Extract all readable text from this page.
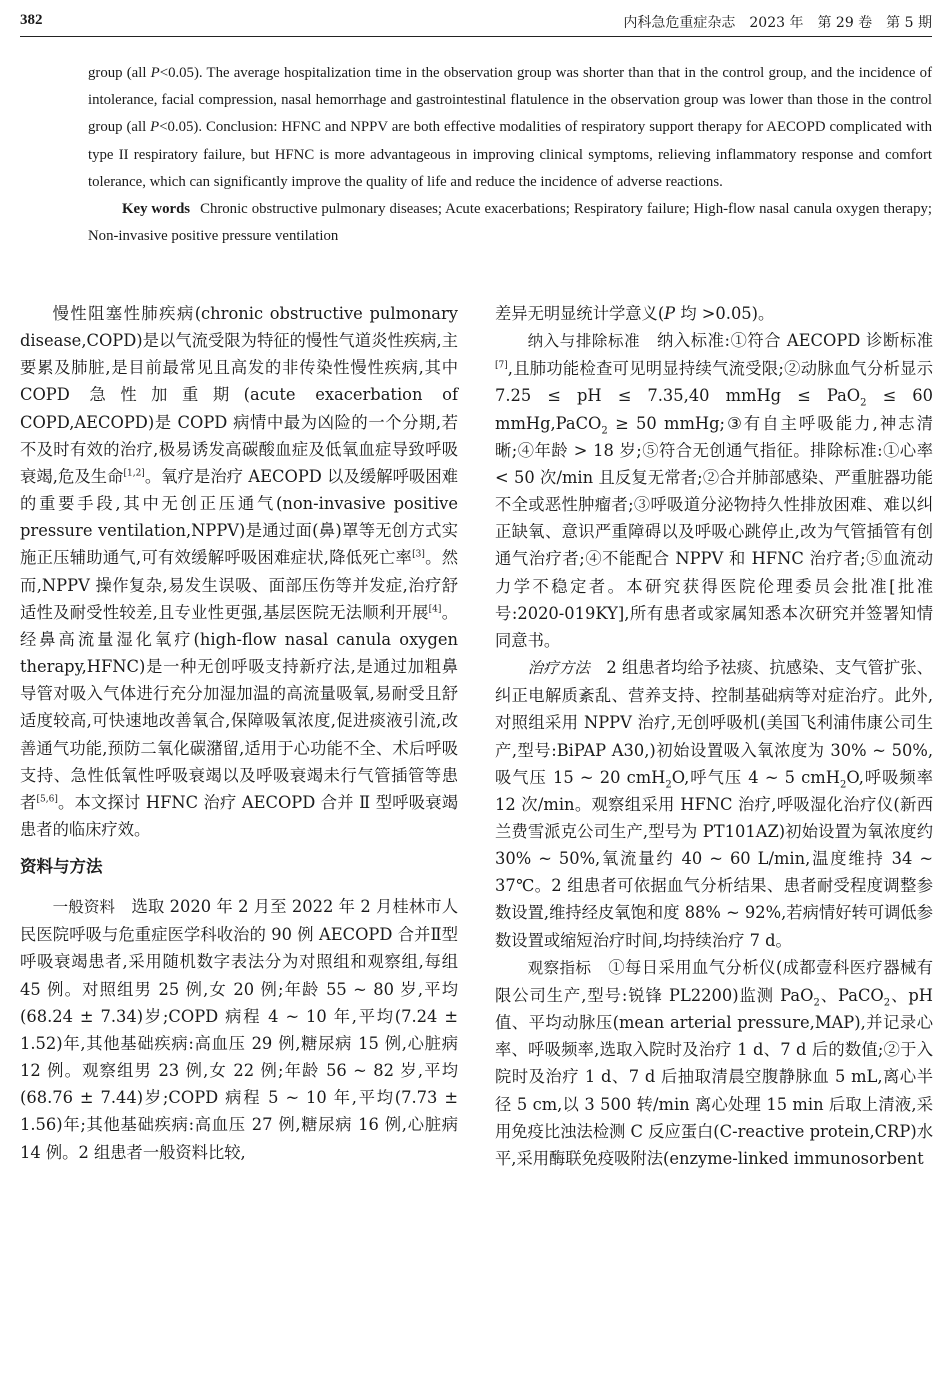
382	内科急危重症杂志　2023 年　第 29 卷　第 5 期

group (all P<0.05). The average hospitalization time in the observation group was shorter than that in the control group, and the incidence of intolerance, facial compression, nasal hemorrhage and gastrointestinal flatulence in the observation group was lower than those in the control group (all P<0.05). Conclusion: HFNC and NPPV are both effective modalities of respiratory support therapy for AECOPD complicated with type II respiratory failure, but HFNC is more advantageous in improving clinical symptoms, relieving inflammatory response and comfort tolerance, which can significantly improve the quality of life and reduce the incidence of adverse reactions.

Key words Chronic obstructive pulmonary diseases; Acute exacerbations; Respiratory failure; High-flow nasal canula oxygen therapy; Non-invasive positive pressure ventilation

慢性阻塞性肺疾病(chronic obstructive pulmonary disease,COPD)是以气流受限为特征的慢性气道炎性疾病,主要累及肺脏,是目前最常见且高发的非传染性慢性疾病,其中 COPD 急性加重期(acute exacerbation of COPD,AECOPD)是 COPD 病情中最为凶险的一个分期,若不及时有效的治疗,极易诱发高碳酸血症及低氧血症导致呼吸衰竭,危及生命[1,2]。氧疗是治疗 AECOPD 以及缓解呼吸困难的重要手段,其中无创正压通气(non-invasive positive pressure ventilation,NPPV)是通过面(鼻)罩等无创方式实施正压辅助通气,可有效缓解呼吸困难症状,降低死亡率[3]。然而,NPPV 操作复杂,易发生误吸、面部压伤等并发症,治疗舒适性及耐受性较差,且专业性更强,基层医院无法顺利开展[4]。经鼻高流量湿化氧疗(high-flow nasal canula oxygen therapy,HFNC)是一种无创呼吸支持新疗法,是通过加粗鼻导管对吸入气体进行充分加湿加温的高流量吸氧,易耐受且舒适度较高,可快速地改善氧合,保障吸氧浓度,促进痰液引流,改善通气功能,预防二氧化碳潴留,适用于心功能不全、术后呼吸支持、急性低氧性呼吸衰竭以及呼吸衰竭未行气管插管等患者[5,6]。本文探讨 HFNC 治疗 AECOPD 合并 Ⅱ 型呼吸衰竭患者的临床疗效。

资料与方法

一般资料　 选取 2020 年 2 月至 2022 年 2 月桂林市人民医院呼吸与危重症医学科收治的 90 例 AECOPD 合并Ⅱ型呼吸衰竭患者,采用随机数字表法分为对照组和观察组,每组 45 例。对照组男 25 例,女 20 例;年龄 55 ~ 80 岁,平均(68.24 ± 7.34)岁;COPD 病程 4 ~ 10 年,平均(7.24 ± 1.52)年,其他基础疾病:高血压 29 例,糖尿病 15 例,心脏病 12 例。观察组男 23 例,女 22 例;年龄 56 ~ 82 岁,平均(68.76 ± 7.44)岁;COPD 病程 5 ~ 10 年,平均(7.73 ± 1.56)年;其他基础疾病:高血压 27 例,糖尿病 16 例,心脏病 14 例。2 组患者一般资料比较,

差异无明显统计学意义(P 均 >0.05)。

纳入与排除标准　 纳入标准:①符合 AECOPD 诊断标准[7],且肺功能检查可见明显持续气流受限;②动脉血气分析显示 7.25 ≤ pH ≤ 7.35,40 mmHg ≤ PaO$_2$ ≤ 60 mmHg,PaCO$_2$ ≥ 50 mmHg;③有自主呼吸能力,神志清晰;④年龄 > 18 岁;⑤符合无创通气指征。排除标准:①心率 < 50 次/min 且反复无常者;②合并肺部感染、严重脏器功能不全或恶性肿瘤者;③呼吸道分泌物持久性排放困难、难以纠正缺氧、意识严重障碍以及呼吸心跳停止,改为气管插管有创通气治疗者;④不能配合 NPPV 和 HFNC 治疗者;⑤血流动力学不稳定者。本研究获得医院伦理委员会批准[批准号:2020-019KY],所有患者或家属知悉本次研究并签署知情同意书。

治疗方法　 2 组患者均给予祛痰、抗感染、支气管扩张、纠正电解质紊乱、营养支持、控制基础病等对症治疗。此外,对照组采用 NPPV 治疗,无创呼吸机(美国飞利浦伟康公司生产,型号:BiPAP A30,)初始设置吸入氧浓度为 30% ~ 50%,吸气压 15 ~ 20 cmH$_2$O,呼气压 4 ~ 5 cmH$_2$O,呼吸频率 12 次/min。观察组采用 HFNC 治疗,呼吸湿化治疗仪(新西兰费雪派克公司生产,型号为 PT101AZ)初始设置为氧浓度约 30% ~ 50%,氧流量约 40 ~ 60 L/min,温度维持 34 ~ 37℃。2 组患者可依据血气分析结果、患者耐受程度调整参数设置,维持经皮氧饱和度 88% ~ 92%,若病情好转可调低参数设置或缩短治疗时间,均持续治疗 7 d。

观察指标　 ①每日采用血气分析仪(成都壹科医疗器械有限公司生产,型号:锐锋 PL2200)监测 PaO$_2$、PaCO$_2$、pH 值、平均动脉压(mean arterial pressure,MAP),并记录心率、呼吸频率,选取入院时及治疗 1 d、7 d 后的数值;②于入院时及治疗 1 d、7 d 后抽取清晨空腹静脉血 5 mL,离心半径 5 cm,以 3 500 转/min 离心处理 15 min 后取上清液,采用免疫比浊法检测 C 反应蛋白(C-reactive protein,CRP)水平,采用酶联免疫吸附法(enzyme-linked immunosorbent
